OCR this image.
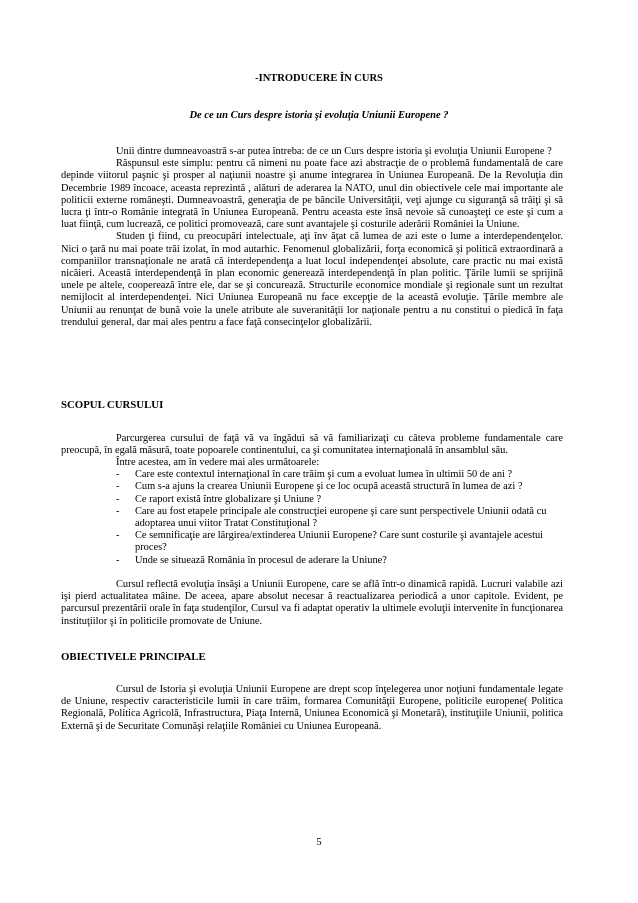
-INTRODUCERE ÎN CURS
De ce un Curs despre istoria şi evoluţia Uniunii Europene ?

Unii dintre dumneavoastră s-ar putea întreba: de ce un Curs despre istoria şi evoluţia Uniunii Europene ?

Răspunsul este simplu: pentru că nimeni nu poate face azi abstracţie de o problemă fundamentală de care depinde viitorul paşnic şi prosper al naţiunii noastre şi anume integrarea în Uniunea Europeană. De la Revoluţia din Decembrie 1989 încoace, aceasta reprezintă , alături de aderarea la NATO, unul din obiectivele cele mai importante ale politicii externe româneşti. Dumneavoastră, generaţia de pe băncile Universităţii, veţi ajunge cu siguranţă să trăiţi şi să lucra ţi într-o Românie integrată în Uniunea Europeană. Pentru aceasta este însă nevoie să cunoaşteţi ce este şi cum a luat fiinţă, cum lucrează, ce politici promovează, care sunt avantajele şi costurile aderării României la Uniune.

Studen ţi fiind, cu preocupări intelectuale, aţi înv ăţat că lumea de azi este o lume a interdependenţelor. Nici o ţară nu mai poate trăi izolat, în mod autarhic. Fenomenul globalizării, forţa economică şi politică extraordinară a companiilor transnaţionale ne arată că interdependenţa a luat locul independenţei absolute, care practic nu mai există nicăieri. Această interdependenţă în plan economic generează interdependenţă în plan politic. Ţările lumii se sprijină unele pe altele, cooperează între ele, dar se şi concurează. Structurile economice mondiale şi regionale sunt un rezultat nemijlocit al interdependenţei. Nici Uniunea Europeană nu face excepţie de la această evoluţie. Ţările membre ale Uniunii au renunţat de bună voie la unele atribute ale suveranităţii lor naţionale pentru a nu constitui o piedică în faţa trendului general, dar mai ales pentru a face faţă consecinţelor globalizării.

SCOPUL CURSULUI

Parcurgerea cursului de faţă vă va îngădui să vă familiarizaţi cu câteva probleme fundamentale care preocupă, în egală măsură, toate popoarele continentului, ca şi comunitatea internaţională în ansamblul său.

Între acestea, am în vedere mai ales următoarele:
- Care este contextul internaţional în care trăim şi cum a evoluat lumea în ultimii 50 de ani ?
- Cum s-a ajuns la crearea Uniunii Europene şi ce loc ocupă această structură în lumea de azi ?
- Ce raport există între globalizare şi Uniune ?
- Care au fost etapele principale ale construcţiei europene şi care sunt perspectivele Uniunii odată cu adoptarea unui viitor Tratat Constituţional ?
- Ce semnificaţie are lărgirea/extinderea Uniunii Europene? Care sunt costurile şi avantajele acestui proces?
- Unde se situează România în procesul de aderare la Uniune?

Cursul reflectă evoluţia însăşi a Uniunii Europene, care se află într-o dinamică rapidă. Lucruri valabile azi işi pierd actualitatea mâine. De aceea, apare absolut necesar ă reactualizarea periodică a unor capitole. Evident, pe parcursul prezentării orale în faţa studenţilor, Cursul va fi adaptat operativ la ultimele evoluţii intervenite în funcţionarea instituţiilor şi în politicile promovate de Uniune.

OBIECTIVELE PRINCIPALE

Cursul de Istoria şi evoluţia Uniunii Europene are drept scop înţelegerea unor noţiuni fundamentale legate de Uniune, respectiv caracteristicile lumii în care trăim, formarea Comunităţii Europene, politicile europene( Politica Regională, Politica Agricolă, Infrastructura, Piaţa Internă, Uniunea Economică şi Monetară), instituţiile Uniunii, politica Externă şi de Securitate Comunăşi relaţiile României cu Uniunea Europeană.

5
